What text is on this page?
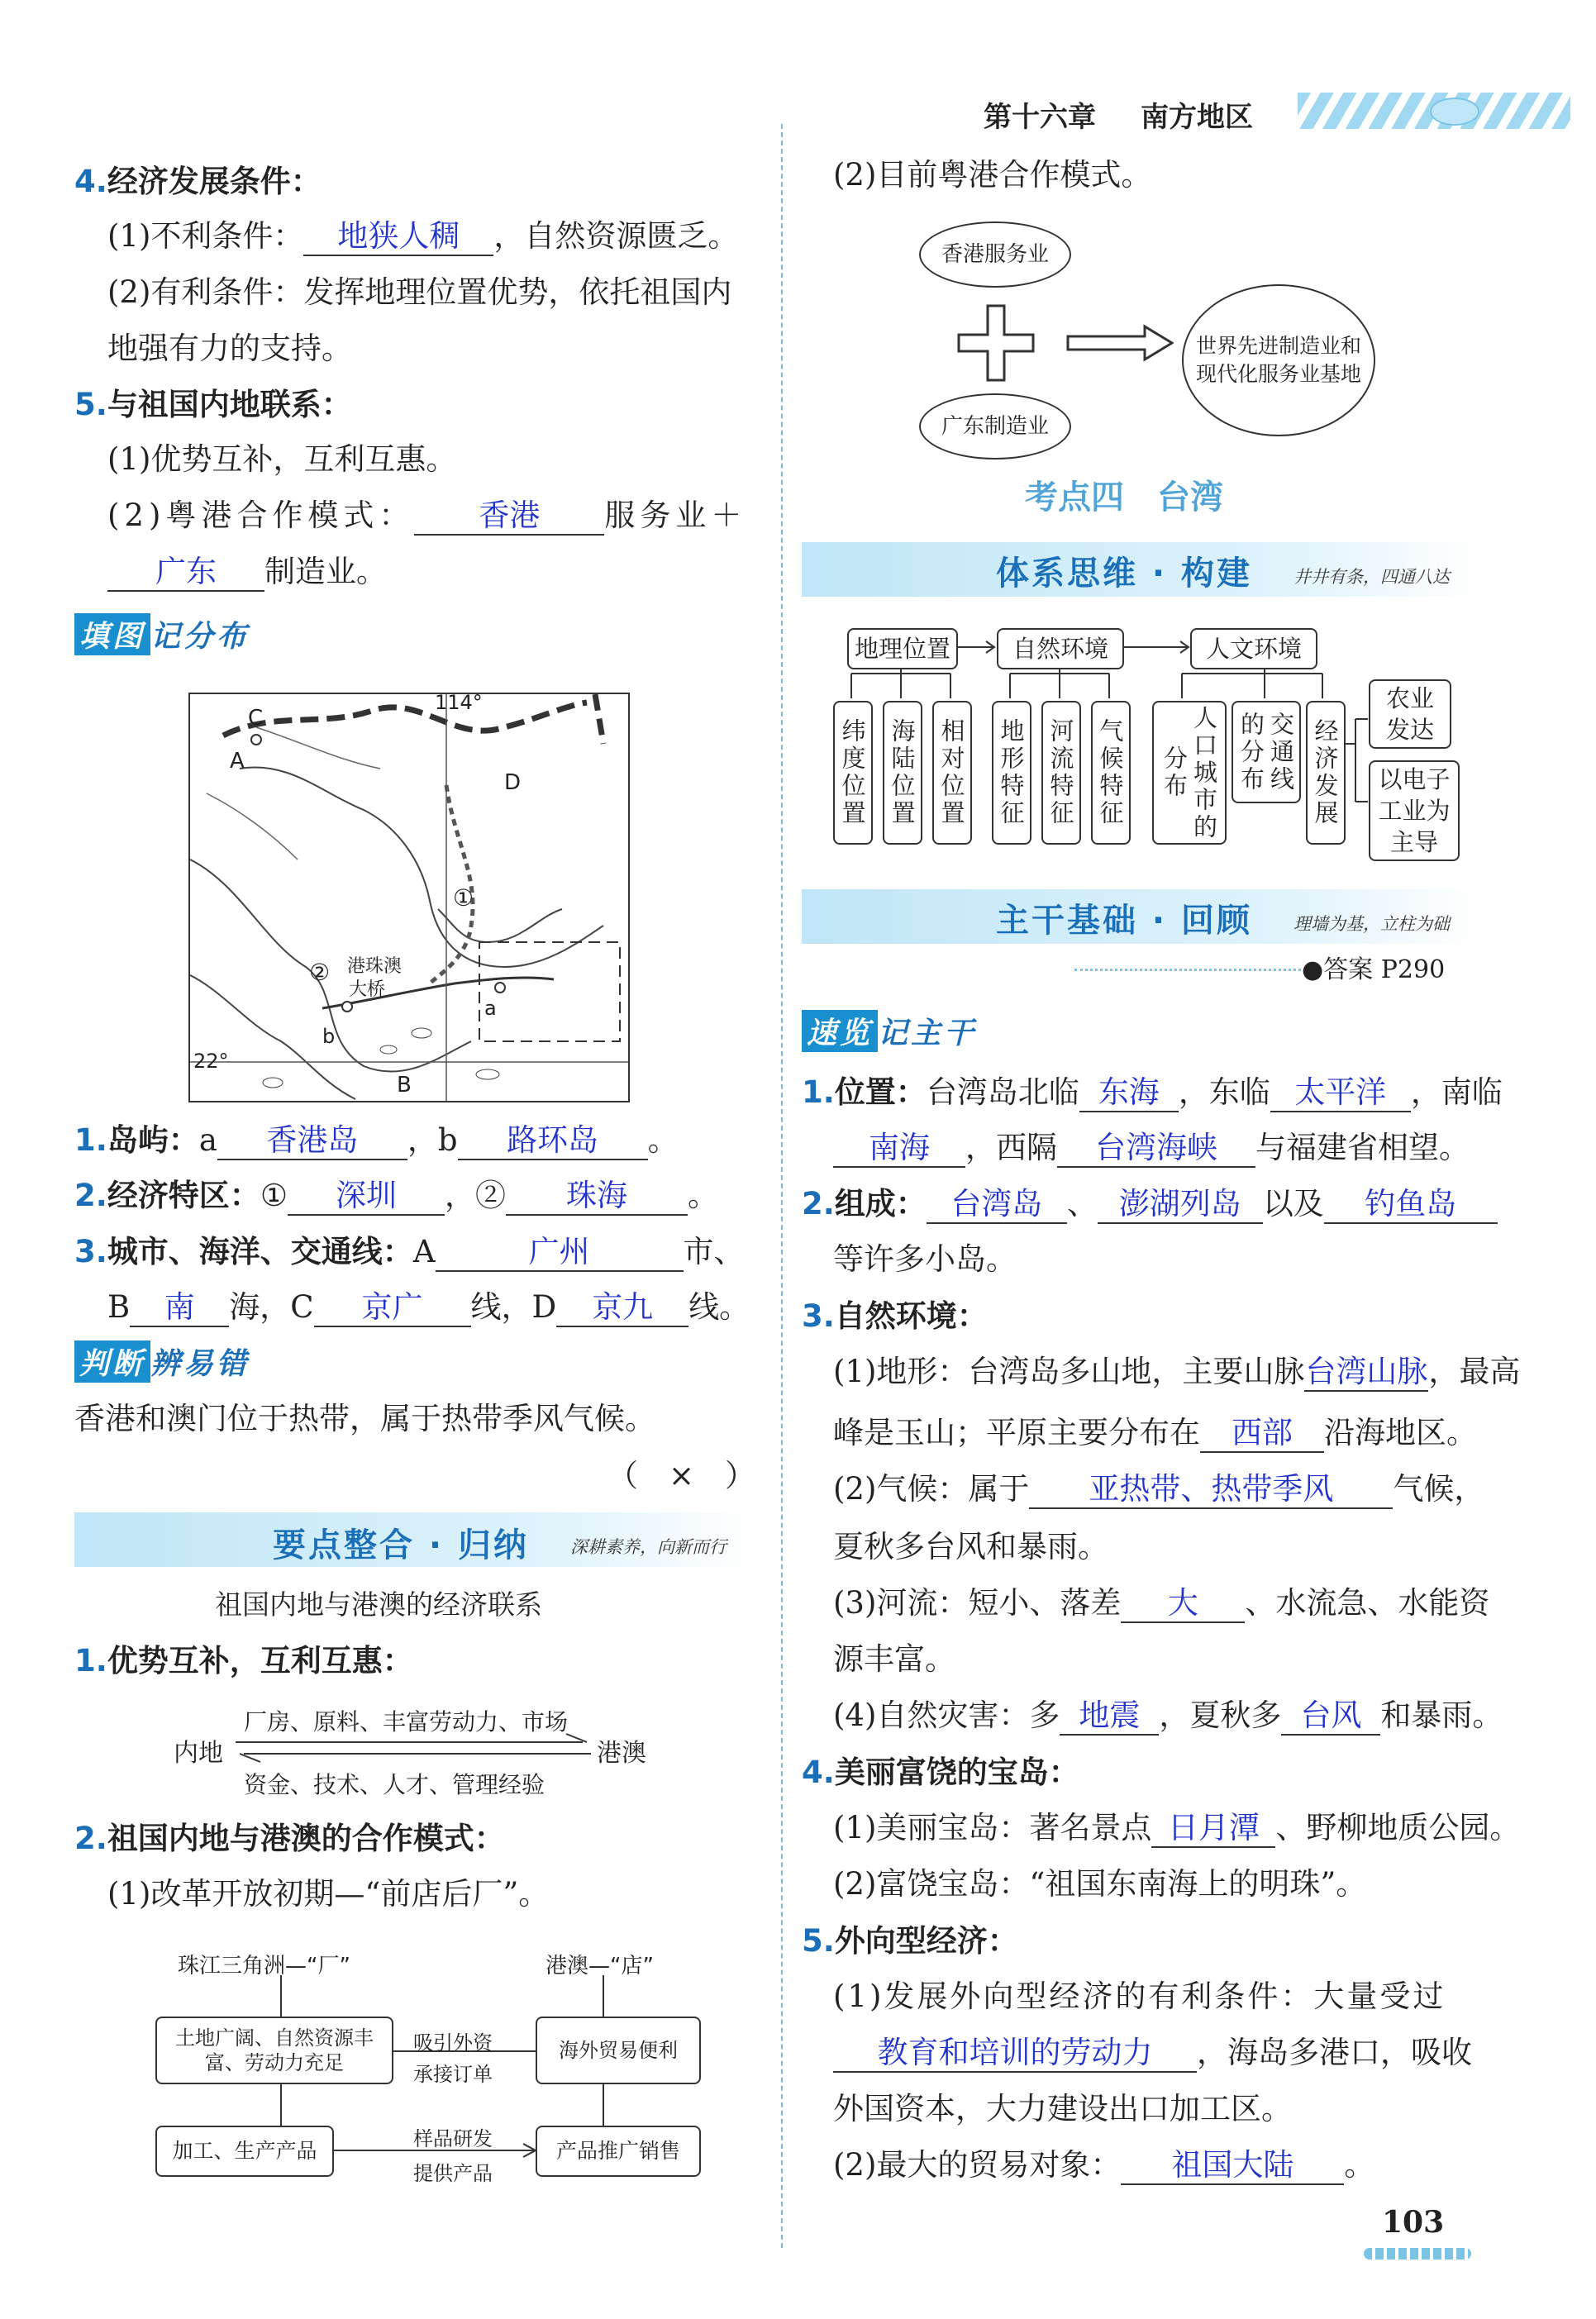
第十六章 南方地区
4.经济发展条件：
(1)不利条件： 地狭人稠 ，自然资源匮乏。
(2)有利条件：发挥地理位置优势，依托祖国内
地强有力的支持。
5.与祖国内地联系：
(1)优势互补，互利互惠。
(2)粤港合作模式： 香港 服务业＋
广东 制造业。
填图 记分布
114°
22°
C
A
D
①
② 港珠澳
大桥
a
b
B
1.岛屿：a 香港岛 ，b 路环岛 。
2.经济特区：① 深圳 ，② 珠海 。
3.城市、海洋、交通线：A	广州	市、
B 南 海，C 京广 线，D 京九 线。
判断 辨易错
香港和澳门位于热带，属于热带季风气候。
（　×　）
要点整合 · 归纳 深耕素养，向新而行
祖国内地与港澳的经济联系
1.优势互补，互利互惠：
厂房、原料、丰富劳动力、市场
内地	港澳
资金、技术、人才、管理经验
2.祖国内地与港澳的合作模式：
(1)改革开放初期—“前店后厂”。
珠江三角洲—“厂”	港澳—“店”
土地广阔、自然资源丰富、劳动力充足
海外贸易便利
加工、生产产品	产品推广销售
吸引外资
承接订单
样品研发
提供产品
(2)目前粤港合作模式。
香港服务业
广东制造业
世界先进制造业和现代化服务业基地
考点四　台湾
体系思维 · 构建 井井有条，四通八达
地理位置	自然环境	人文环境
纬度位置 海陆位置 相对位置 地形特征 河流特征 气候特征	人口城市的分布	交通线的分布	经济发展
农业发达
以电子工业为主导
主干基础 · 回顾 理墙为基，立柱为础
●答案 P290
速览 记主干
1.位置：台湾岛北临 东海 ，东临 太平洋 ，南临
南海 ，西隔 台湾海峡 与福建省相望。
2.组成： 台湾岛 、 澎湖列岛 以及 钓鱼岛
等许多小岛。
3.自然环境：
(1)地形：台湾岛多山地，主要山脉台湾山脉，最高
峰是玉山；平原主要分布在 西部 沿海地区。
(2)气候：属于 亚热带、热带季风 气候，
夏秋多台风和暴雨。
(3)河流：短小、落差 大 、水流急、水能资
源丰富。
(4)自然灾害：多 地震 ，夏秋多 台风 和暴雨。
4.美丽富饶的宝岛：
(1)美丽宝岛：著名景点 日月潭 、野柳地质公园。
(2)富饶宝岛：“祖国东南海上的明珠”。
5.外向型经济：
(1)发展外向型经济的有利条件：大量受过
教育和培训的劳动力 ，海岛多港口，吸收
外国资本，大力建设出口加工区。
(2)最大的贸易对象： 祖国大陆 。
103
